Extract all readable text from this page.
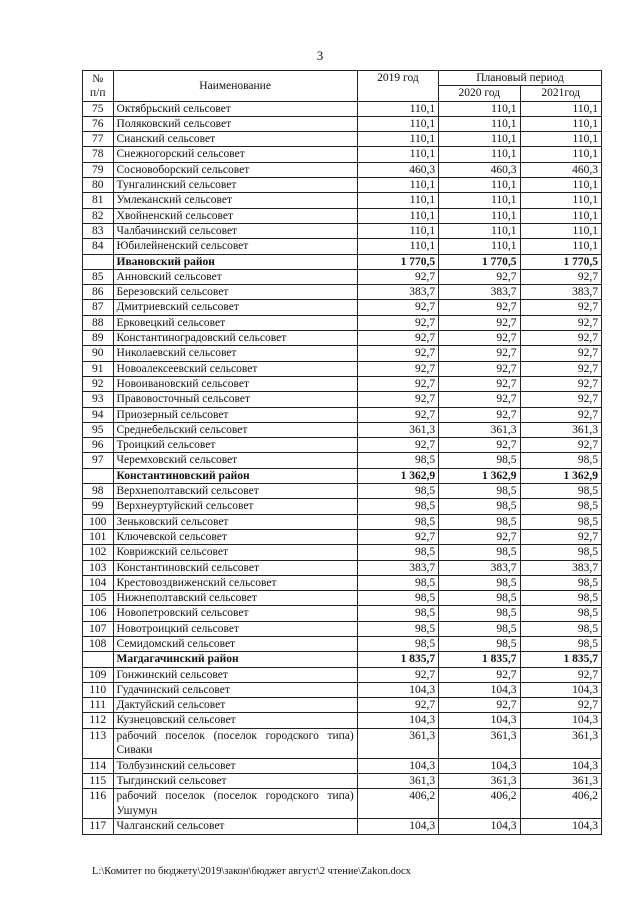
3
№
п/п	Наименование	2019 год	Плановый период	
			2020 год	2021год
75	Октябрьский сельсовет	110,1	110,1	110,1
76	Поляковский сельсовет	110,1	110,1	110,1
77	Сианский сельсовет	110,1	110,1	110,1
78	Снежногорский сельсовет	110,1	110,1	110,1
79	Сосновоборский сельсовет	460,3	460,3	460,3
80	Тунгалинский сельсовет	110,1	110,1	110,1
81	Умлеканский сельсовет	110,1	110,1	110,1
82	Хвойненский сельсовет	110,1	110,1	110,1
83	Чалбачинский сельсовет	110,1	110,1	110,1
84	Юбилейненский сельсовет	110,1	110,1	110,1
	Ивановский район	1 770,5	1 770,5	1 770,5
85	Анновский сельсовет	92,7	92,7	92,7
86	Березовский сельсовет	383,7	383,7	383,7
87	Дмитриевский сельсовет	92,7	92,7	92,7
88	Ерковецкий сельсовет	92,7	92,7	92,7
89	Константиноградовский сельсовет	92,7	92,7	92,7
90	Николаевский сельсовет	92,7	92,7	92,7
91	Новоалексеевский сельсовет	92,7	92,7	92,7
92	Новоивановский сельсовет	92,7	92,7	92,7
93	Правовосточный сельсовет	92,7	92,7	92,7
94	Приозерный сельсовет	92,7	92,7	92,7
95	Среднебельский сельсовет	361,3	361,3	361,3
96	Троицкий сельсовет	92,7	92,7	92,7
97	Черемховский сельсовет	98,5	98,5	98,5
	Константиновский район	1 362,9	1 362,9	1 362,9
98	Верхнеполтавский сельсовет	98,5	98,5	98,5
99	Верхнеуртуйский сельсовет	98,5	98,5	98,5
100	Зеньковский сельсовет	98,5	98,5	98,5
101	Ключевской сельсовет	92,7	92,7	92,7
102	Коврижский сельсовет	98,5	98,5	98,5
103	Константиновский сельсовет	383,7	383,7	383,7
104	Крестовоздвиженский сельсовет	98,5	98,5	98,5
105	Нижнеполтавский сельсовет	98,5	98,5	98,5
106	Новопетровский сельсовет	98,5	98,5	98,5
107	Новотроицкий сельсовет	98,5	98,5	98,5
108	Семидомский сельсовет	98,5	98,5	98,5
	Магдагачинский район	1 835,7	1 835,7	1 835,7
109	Гонжинский сельсовет	92,7	92,7	92,7
110	Гудачинский сельсовет	104,3	104,3	104,3
111	Дактуйский сельсовет	92,7	92,7	92,7
112	Кузнецовский сельсовет	104,3	104,3	104,3
113	рабочий поселок (поселок городского типа) Сиваки	361,3	361,3	361,3
114	Толбузинский сельсовет	104,3	104,3	104,3
115	Тыгдинский сельсовет	361,3	361,3	361,3
116	рабочий поселок (поселок городского типа) Ушумун	406,2	406,2	406,2
117	Чалганский сельсовет	104,3	104,3	104,3
L:\Комитет по бюджету\2019\закон\бюджет август\2 чтение\Zakon.docx
